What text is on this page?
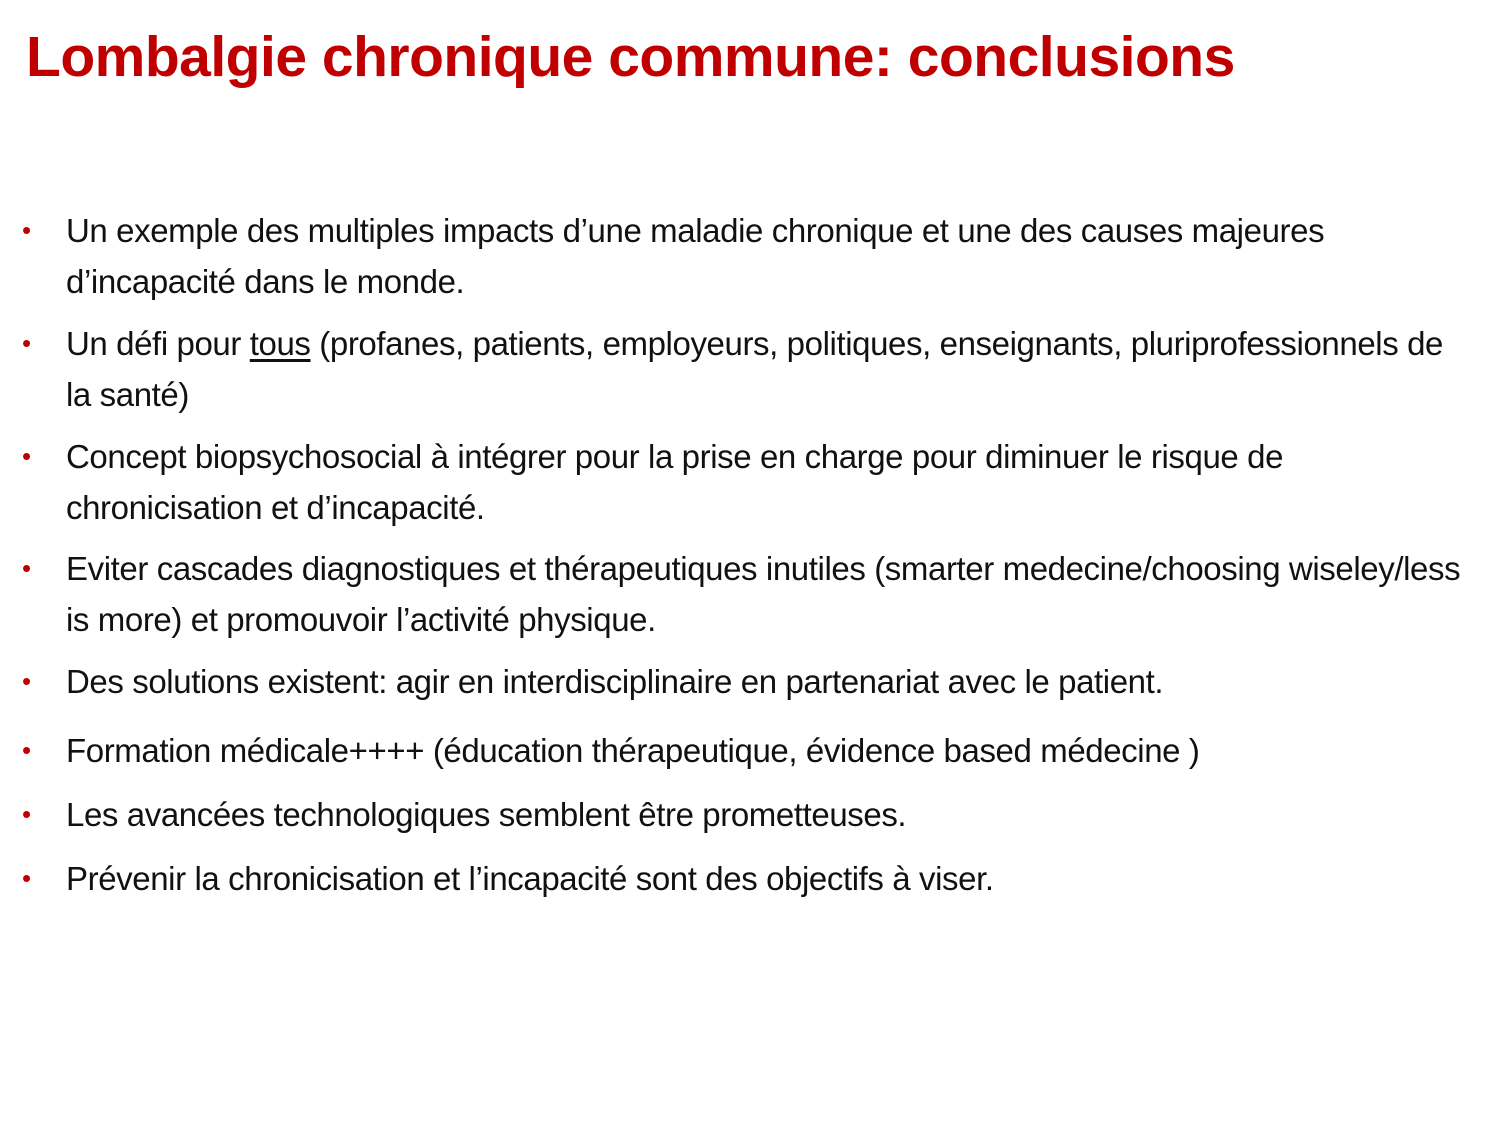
Lombalgie chronique commune: conclusions
•	Un exemple des multiples impacts d’une maladie chronique et une des causes majeures d’incapacité dans le monde.
•	Un défi pour tous (profanes, patients, employeurs, politiques, enseignants, pluriprofessionnels de la santé)
•	Concept biopsychosocial à intégrer pour la prise en charge pour diminuer le risque de chronicisation et d’incapacité.
•	Eviter cascades diagnostiques et thérapeutiques inutiles (smarter medecine/choosing wiseley/less is more) et promouvoir l’activité physique.
•	Des solutions existent: agir en interdisciplinaire en partenariat avec le patient.
•	Formation médicale++++ (éducation thérapeutique, évidence based médecine )
•	Les avancées technologiques semblent être prometteuses.
•	Prévenir la chronicisation et l’incapacité sont des objectifs à viser.
